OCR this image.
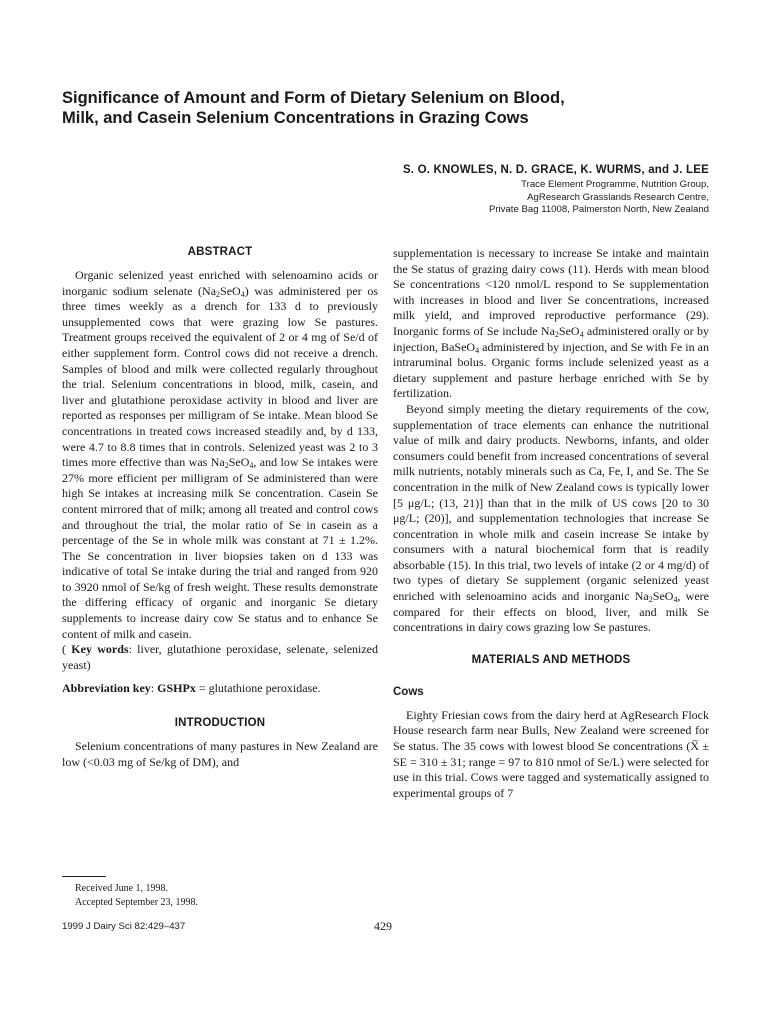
Significance of Amount and Form of Dietary Selenium on Blood, Milk, and Casein Selenium Concentrations in Grazing Cows
S. O. KNOWLES, N. D. GRACE, K. WURMS, and J. LEE
Trace Element Programme, Nutrition Group,
AgResearch Grasslands Research Centre,
Private Bag 11008, Palmerston North, New Zealand
ABSTRACT

Organic selenized yeast enriched with selenoamino acids or inorganic sodium selenate $(Na_2SeO_4)$ was administered per os three times weekly as a drench for 133 d to previously unsupplemented cows that were grazing low Se pastures. Treatment groups received the equivalent of 2 or 4 mg of Se/d of either supplement form. Control cows did not receive a drench. Samples of blood and milk were collected regularly throughout the trial. Selenium concentrations in blood, milk, casein, and liver and glutathione peroxidase activity in blood and liver are reported as responses per milligram of Se intake. Mean blood Se concentrations in treated cows increased steadily and, by d 133, were 4.7 to 8.8 times that in controls. Selenized yeast was 2 to 3 times more effective than was $Na_2SeO_4$, and low Se intakes were 27% more efficient per milligram of Se administered than were high Se intakes at increasing milk Se concentration. Casein Se content mirrored that of milk; among all treated and control cows and throughout the trial, the molar ratio of Se in casein as a percentage of the Se in whole milk was constant at 71 ± 1.2%. The Se concentration in liver biopsies taken on d 133 was indicative of total Se intake during the trial and ranged from 920 to 3920 nmol of Se/kg of fresh weight. These results demonstrate the differing efficacy of organic and inorganic Se dietary supplements to increase dairy cow Se status and to enhance Se content of milk and casein.
( Key words: liver, glutathione peroxidase, selenate, selenized yeast)

Abbreviation key: GSHPx = glutathione peroxidase.

INTRODUCTION

Selenium concentrations of many pastures in New Zealand are low (<0.03 mg of Se/kg of DM), and

supplementation is necessary to increase Se intake and maintain the Se status of grazing dairy cows (11). Herds with mean blood Se concentrations <120 nmol/L respond to Se supplementation with increases in blood and liver Se concentrations, increased milk yield, and improved reproductive performance (29). Inorganic forms of Se include $Na_2SeO_4$ administered orally or by injection, BaSeO$_4$ administered by injection, and Se with Fe in an intraruminal bolus. Organic forms include selenized yeast as a dietary supplement and pasture herbage enriched with Se by fertilization.

Beyond simply meeting the dietary requirements of the cow, supplementation of trace elements can enhance the nutritional value of milk and dairy products. Newborns, infants, and older consumers could benefit from increased concentrations of several milk nutrients, notably minerals such as Ca, Fe, I, and Se. The Se concentration in the milk of New Zealand cows is typically lower [5 μg/L; (13, 21)] than that in the milk of US cows [20 to 30 μg/L; (20)], and supplementation technologies that increase Se concentration in whole milk and casein increase Se intake by consumers with a natural biochemical form that is readily absorbable (15). In this trial, two levels of intake (2 or 4 mg/d) of two types of dietary Se supplement (organic selenized yeast enriched with selenoamino acids and inorganic $Na_2SeO_4$, were compared for their effects on blood, liver, and milk Se concentrations in dairy cows grazing low Se pastures.

MATERIALS AND METHODS
Cows

Eighty Friesian cows from the dairy herd at AgResearch Flock House research farm near Bulls, New Zealand were screened for Se status. The 35 cows with lowest blood Se concentrations (X̅ ± SE = 310 ± 31; range = 97 to 810 nmol of Se/L) were selected for use in this trial. Cows were tagged and systematically assigned to experimental groups of 7

Received June 1, 1998.
Accepted September 23, 1998.
1999 J Dairy Sci 82:429–437	429
